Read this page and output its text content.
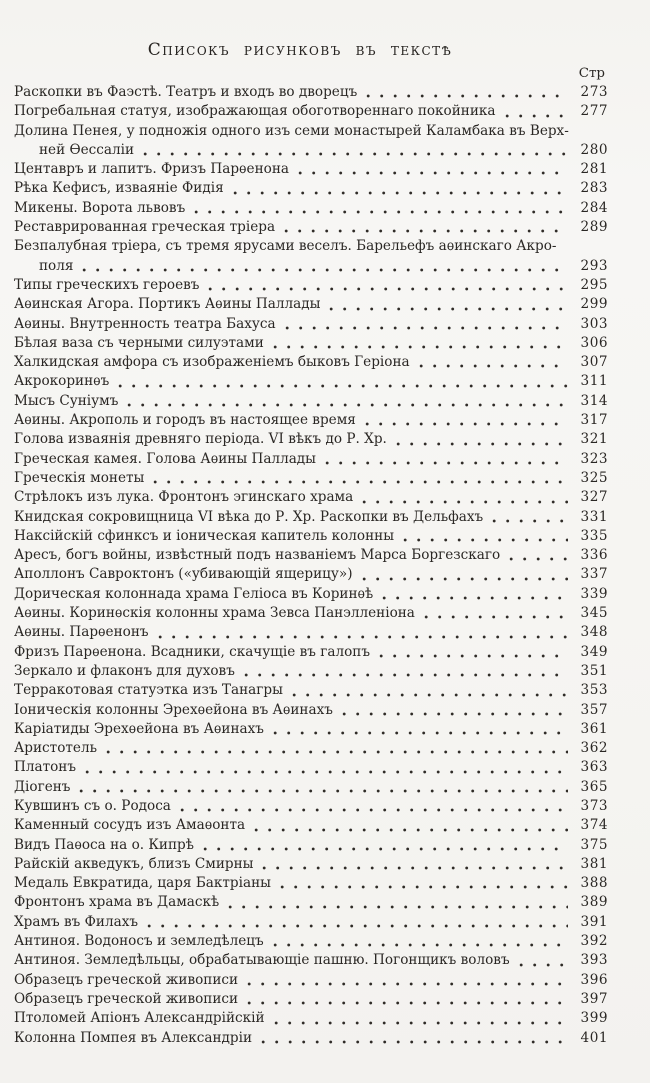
Списокъ рисунковъ въ текстѣ
Стр
Раскопки въ Фаэстѣ. Театръ и входъ во дворецъ	273
Погребальная статуя, изображающая обоготвореннаго покойника	277
Долина Пенея, у подножія одного изъ семи монастырей Каламбака въ Верх-
ней Ѳессаліи	280
Центавръ и лапитъ. Фризъ Парѳенона	281
Рѣка Кефисъ, изваяніе Фидія	283
Микены. Ворота львовъ	284
Реставрированная греческая тріера	289
Безпалубная тріера, съ тремя ярусами веселъ. Барельефъ аѳинскаго Акро-
поля	293
Типы греческихъ героевъ	295
Аѳинская Агора. Портикъ Аѳины Паллады	299
Аѳины. Внутренность театра Бахуса	303
Бѣлая ваза съ черными силуэтами	306
Халкидская амфора съ изображеніемъ быковъ Геріона	307
Акрокоринѳъ	311
Мысъ Суніумъ	314
Аѳины. Акрополь и городъ въ настоящее время	317
Голова изваянія древняго періода. VI вѣкъ до Р. Хр.	321
Греческая камея. Голова Аѳины Паллады	323
Греческія монеты	325
Стрѣлокъ изъ лука. Фронтонъ эгинскаго храма	327
Книдская сокровищница VI вѣка до Р. Хр. Раскопки въ Дельфахъ	331
Наксійскій сфинксъ и іоническая капитель колонны	335
Аресъ, богъ войны, извѣстный подъ названіемъ Марса Боргезскаго	336
Аполлонъ Савроктонъ («убивающій ящерицу»)	337
Дорическая колоннада храма Геліоса въ Коринѳѣ	339
Аѳины. Коринѳскія колонны храма Зевса Панэлленіона	345
Аѳины. Парѳенонъ	348
Фризъ Парѳенона. Всадники, скачущіе въ галопъ	349
Зеркало и флаконъ для духовъ	351
Терракотовая статуэтка изъ Танагры	353
Іоническія колонны Эрехѳейона въ Аѳинахъ	357
Каріатиды Эрехѳейона въ Аѳинахъ	361
Аристотель	362
Платонъ	363
Діогенъ	365
Кувшинъ съ о. Родоса	373
Каменный сосудъ изъ Амаѳонта	374
Видъ Паѳоса на о. Кипрѣ	375
Райскій акведукъ, близъ Смирны	381
Медаль Евкратида, царя Бактріаны	388
Фронтонъ храма въ Дамаскѣ	389
Храмъ въ Филахъ	391
Антиноя. Водоносъ и земледѣлецъ	392
Антиноя. Земледѣльцы, обрабатывающіе пашню. Погонщикъ воловъ	393
Образецъ греческой живописи	396
Образецъ греческой живописи	397
Птоломей Апіонъ Александрійскій	399
Колонна Помпея въ Александріи	401
